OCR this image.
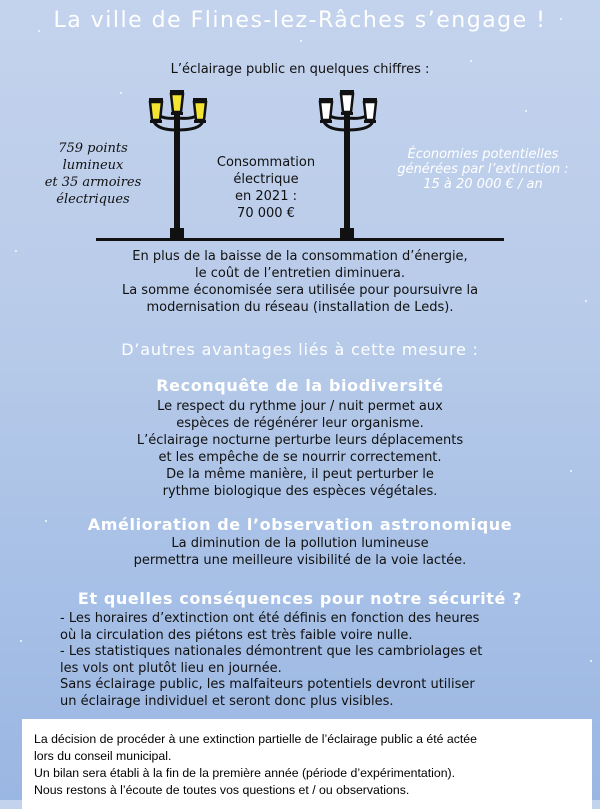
La ville de Flines-lez-Râches s’engage !

L’éclairage public en quelques chiffres :

759 points
lumineux
et 35 armoires
électriques
Consommation
électrique
en 2021 :
70 000 €
Économies potentielles
générées par l’extinction :
15 à 20 000 € / an
En plus de la baisse de la consommation d’énergie,
le coût de l’entretien diminuera.
La somme économisée sera utilisée pour poursuivre la
modernisation du réseau (installation de Leds).
D’autres avantages liés à cette mesure :
Reconquête de la biodiversité
Le respect du rythme jour / nuit permet aux
espèces de régénérer leur organisme.
L’éclairage nocturne perturbe leurs déplacements
et les empêche de se nourrir correctement.
De la même manière, il peut perturber le
rythme biologique des espèces végétales.
Amélioration de l’observation astronomique
La diminution de la pollution lumineuse
permettra une meilleure visibilité de la voie lactée.
Et quelles conséquences pour notre sécurité ?
- Les horaires d’extinction ont été définis en fonction des heures
où la circulation des piétons est très faible voire nulle.
- Les statistiques nationales démontrent que les cambriolages et
les vols ont plutôt lieu en journée.
Sans éclairage public, les malfaiteurs potentiels devront utiliser
un éclairage individuel et seront donc plus visibles.
La décision de procéder à une extinction partielle de l’éclairage public a été actée
lors du conseil municipal.
Un bilan sera établi à la fin de la première année (période d’expérimentation).
Nous restons à l’écoute de toutes vos questions et / ou observations.
